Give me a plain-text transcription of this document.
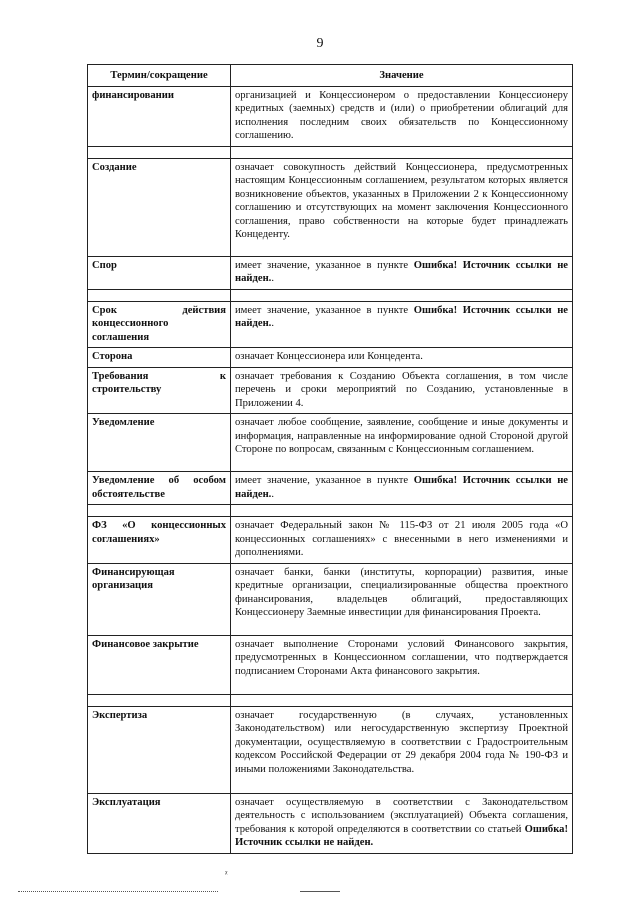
9
Термин/сокращение	Значение
финансировании	организацией и Концессионером о предоставлении Концессионеру кредитных (заемных) средств и (или) о приобретении облигаций для исполнения последним своих обязательств по Концессионному соглашению.

Создание	означает совокупность действий Концессионера, предусмотренных настоящим Концессионным соглашением, результатом которых является возникновение объектов, указанных в Приложении 2 к Концессионному соглашению и отсутствующих на момент заключения Концессионного соглашения, право собственности на которые будет принадлежать Концеденту.
Спор	имеет значение, указанное в пункте Ошибка! Источник ссылки не найден..

Срок действия концессионного соглашения	имеет значение, указанное в пункте Ошибка! Источник ссылки не найден..
Сторона	означает Концессионера или Концедента.
Требования к строительству	означает требования к Созданию Объекта соглашения, в том числе перечень и сроки мероприятий по Созданию, установленные в Приложении 4.
Уведомление	означает любое сообщение, заявление, сообщение и иные документы и информация, направленные на информирование одной Стороной другой Стороне по вопросам, связанным с Концессионным соглашением.
Уведомление об особом обстоятельстве	имеет значение, указанное в пункте Ошибка! Источник ссылки не найден..

ФЗ «О концессионных соглашениях»	означает Федеральный закон № 115-ФЗ от 21 июля 2005 года «О концессионных соглашениях» с внесенными в него изменениями и дополнениями.
Финансирующая организация	означает банки, банки (институты, корпорации) развития, иные кредитные организации, специализированные общества проектного финансирования, владельцев облигаций, предоставляющих Концессионеру Заемные инвестиции для финансирования Проекта.
Финансовое закрытие	означает выполнение Сторонами условий Финансового закрытия, предусмотренных в Концессионном соглашении, что подтверждается подписанием Сторонами Акта финансового закрытия.

Экспертиза	означает государственную (в случаях, установленных Законодательством) или негосударственную экспертизу Проектной документации, осуществляемую в соответствии с Градостроительным кодексом Российской Федерации от 29 декабря 2004 года № 190-ФЗ и иными положениями Законодательства.
Эксплуатация	означает осуществляемую в соответствии с Законодательством деятельность с использованием (эксплуатацией) Объекта соглашения, требования к которой определяются в соответствии со статьей Ошибка! Источник ссылки не найден.
ᵡ
